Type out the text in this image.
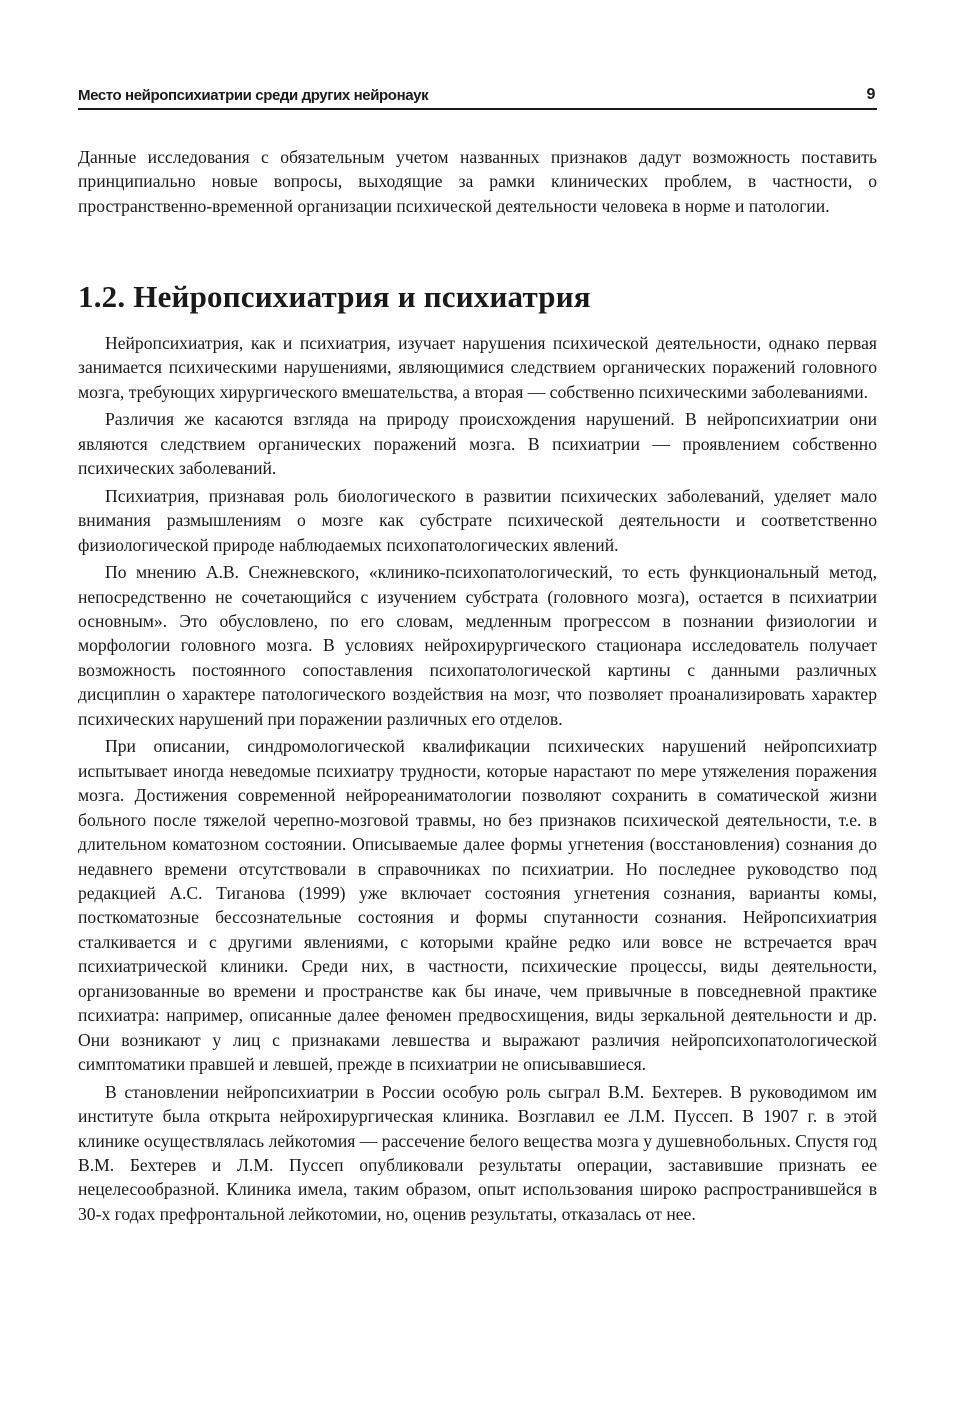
Место нейропсихиатрии среди других нейронаук	9

Данные исследования с обязательным учетом названных признаков дадут возможность поставить принципиально новые вопросы, выходящие за рамки клинических проблем, в частности, о пространственно-временной организации психической деятельности человека в норме и патологии.

1.2. Нейропсихиатрия и психиатрия

Нейропсихиатрия, как и психиатрия, изучает нарушения психической деятельности, однако первая занимается психическими нарушениями, являющимися следствием органических поражений головного мозга, требующих хирургического вмешательства, а вторая — собственно психическими заболеваниями.

Различия же касаются взгляда на природу происхождения нарушений. В нейропсихиатрии они являются следствием органических поражений мозга. В психиатрии — проявлением собственно психических заболеваний.

Психиатрия, признавая роль биологического в развитии психических заболеваний, уделяет мало внимания размышлениям о мозге как субстрате психической деятельности и соответственно физиологической природе наблюдаемых психопатологических явлений.

По мнению А.В. Снежневского, «клинико-психопатологический, то есть функциональный метод, непосредственно не сочетающийся с изучением субстрата (головного мозга), остается в психиатрии основным». Это обусловлено, по его словам, медленным прогрессом в познании физиологии и морфологии головного мозга. В условиях нейрохирургического стационара исследователь получает возможность постоянного сопоставления психопатологической картины с данными различных дисциплин о характере патологического воздействия на мозг, что позволяет проанализировать характер психических нарушений при поражении различных его отделов.

При описании, синдромологической квалификации психических нарушений нейропсихиатр испытывает иногда неведомые психиатру трудности, которые нарастают по мере утяжеления поражения мозга. Достижения современной нейрореаниматологии позволяют сохранить в соматической жизни больного после тяжелой черепно-мозговой травмы, но без признаков психической деятельности, т.е. в длительном коматозном состоянии. Описываемые далее формы угнетения (восстановления) сознания до недавнего времени отсутствовали в справочниках по психиатрии. Но последнее руководство под редакцией А.С. Тиганова (1999) уже включает состояния угнетения сознания, варианты комы, посткоматозные бессознательные состояния и формы спутанности сознания. Нейропсихиатрия сталкивается и с другими явлениями, с которыми крайне редко или вовсе не встречается врач психиатрической клиники. Среди них, в частности, психические процессы, виды деятельности, организованные во времени и пространстве как бы иначе, чем привычные в повседневной практике психиатра: например, описанные далее феномен предвосхищения, виды зеркальной деятельности и др. Они возникают у лиц с признаками левшества и выражают различия нейропсихопатологической симптоматики правшей и левшей, прежде в психиатрии не описывавшиеся.

В становлении нейропсихиатрии в России особую роль сыграл В.М. Бехтерев. В руководимом им институте была открыта нейрохирургическая клиника. Возглавил ее Л.М. Пуссеп. В 1907 г. в этой клинике осуществлялась лейкотомия — рассечение белого вещества мозга у душевнобольных. Спустя год В.М. Бехтерев и Л.М. Пуссеп опубликовали результаты операции, заставившие признать ее нецелесообразной. Клиника имела, таким образом, опыт использования широко распространившейся в 30-х годах префронтальной лейкотомии, но, оценив результаты, отказалась от нее.
